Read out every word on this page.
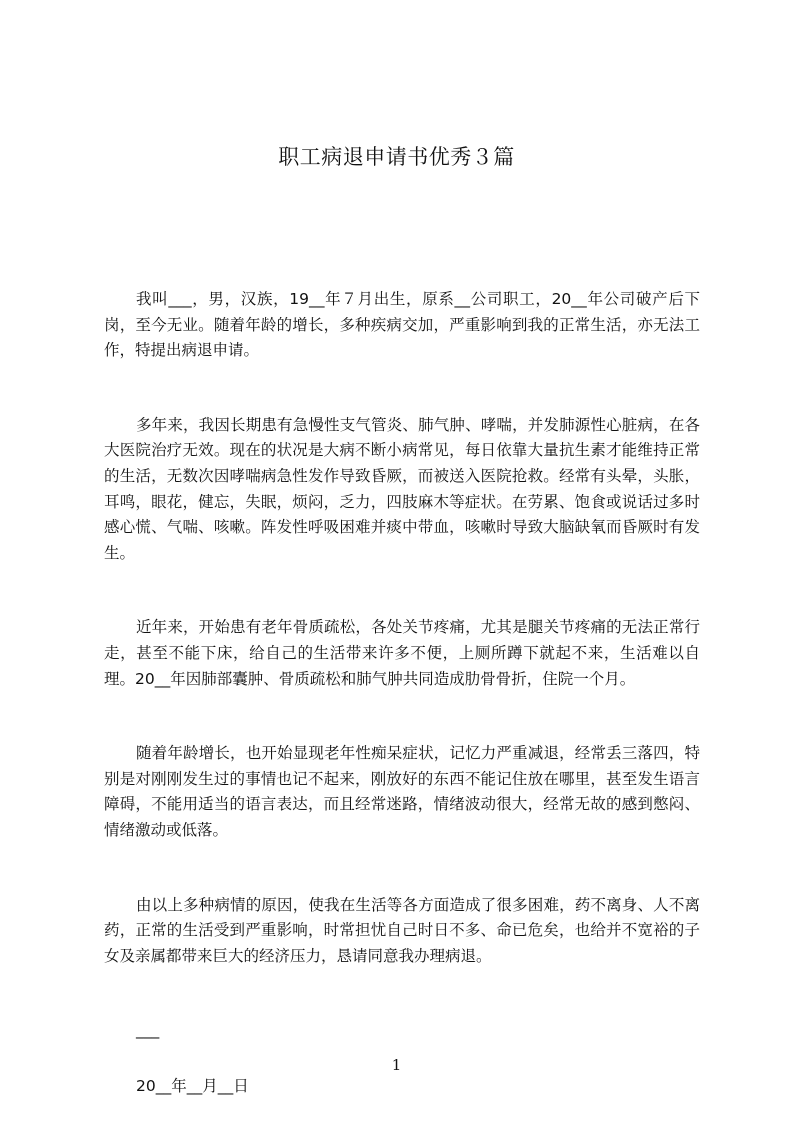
职工病退申请书优秀３篇

我叫___，男，汉族，19__年７月出生，原系__公司职工，20__年公司破产后下岗，至今无业。随着年龄的增长，多种疾病交加，严重影响到我的正常生活，亦无法工作，特提出病退申请。

多年来，我因长期患有急慢性支气管炎、肺气肿、哮喘，并发肺源性心脏病，在各大医院治疗无效。现在的状况是大病不断小病常见，每日依靠大量抗生素才能维持正常的生活，无数次因哮喘病急性发作导致昏厥，而被送入医院抢救。经常有头晕，头胀，耳鸣，眼花，健忘，失眠，烦闷，乏力，四肢麻木等症状。在劳累、饱食或说话过多时感心慌、气喘、咳嗽。阵发性呼吸困难并痰中带血，咳嗽时导致大脑缺氧而昏厥时有发生。

近年来，开始患有老年骨质疏松，各处关节疼痛，尤其是腿关节疼痛的无法正常行走，甚至不能下床，给自己的生活带来许多不便，上厕所蹲下就起不来，生活难以自理。20__年因肺部囊肿、骨质疏松和肺气肿共同造成肋骨骨折，住院一个月。

随着年龄增长，也开始显现老年性痴呆症状，记忆力严重减退，经常丢三落四，特别是对刚刚发生过的事情也记不起来，刚放好的东西不能记住放在哪里，甚至发生语言障碍，不能用适当的语言表达，而且经常迷路，情绪波动很大，经常无故的感到憋闷、情绪激动或低落。

由以上多种病情的原因，使我在生活等各方面造成了很多困难，药不离身、人不离药，正常的生活受到严重影响，时常担忧自己时日不多、命已危矣，也给并不宽裕的子女及亲属都带来巨大的经济压力，恳请同意我办理病退。

___
20__年__月__日
1
